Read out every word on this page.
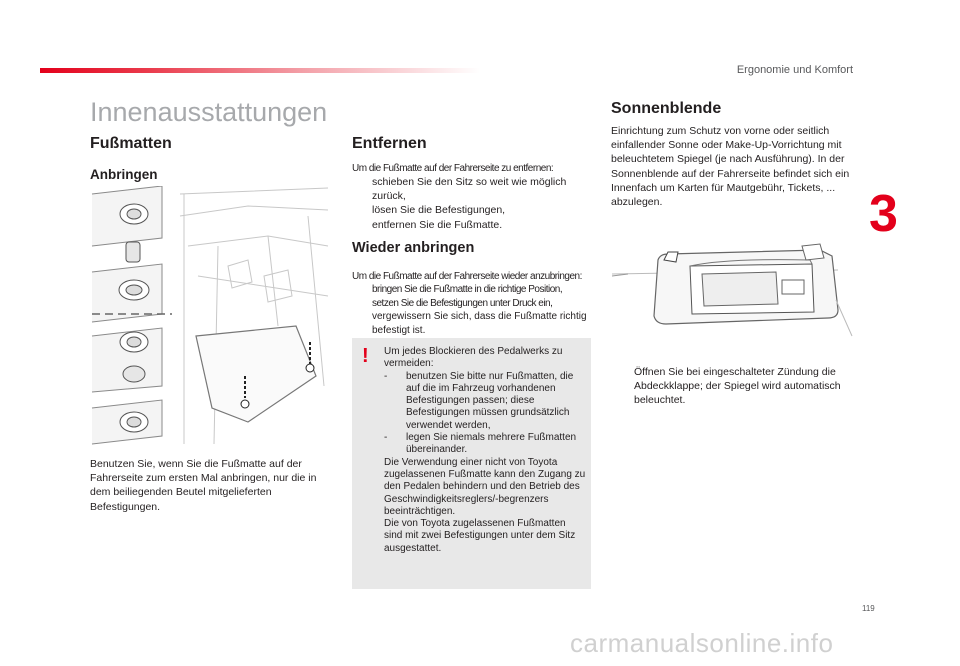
Ergonomie und Komfort
3
119
carmanualsonline.info
Innenausstattungen
Fußmatten
Anbringen
Benutzen Sie, wenn Sie die Fußmatte auf der Fahrerseite zum ersten Mal anbringen, nur die in dem beiliegenden Beutel mitgelieferten Befestigungen.
Entfernen
Um die Fußmatte auf der Fahrerseite zu entfernen:
schieben Sie den Sitz so weit wie möglich zurück,
lösen Sie die Befestigungen,
entfernen Sie die Fußmatte.
Wieder anbringen
Um die Fußmatte auf der Fahrerseite wieder anzubringen:
bringen Sie die Fußmatte in die richtige Position,
setzen Sie die Befestigungen unter Druck ein,
vergewissern Sie sich, dass die Fußmatte richtig befestigt ist.
! Um jedes Blockieren des Pedalwerks zu vermeiden:
- benutzen Sie bitte nur Fußmatten, die auf die im Fahrzeug vorhandenen Befestigungen passen; diese Befestigungen müssen grundsätzlich verwendet werden,
- legen Sie niemals mehrere Fußmatten übereinander.
Die Verwendung einer nicht von Toyota zugelassenen Fußmatte kann den Zugang zu den Pedalen behindern und den Betrieb des Geschwindigkeitsreglers/-begrenzers beeinträchtigen.
Die von Toyota zugelassenen Fußmatten sind mit zwei Befestigungen unter dem Sitz ausgestattet.
Sonnenblende
Einrichtung zum Schutz von vorne oder seitlich einfallender Sonne oder Make-Up-Vorrichtung mit beleuchtetem Spiegel (je nach Ausführung). In der Sonnenblende auf der Fahrerseite befindet sich ein Innenfach um Karten für Mautgebühr, Tickets, ... abzulegen.
Öffnen Sie bei eingeschalteter Zündung die Abdeckklappe; der Spiegel wird automatisch beleuchtet.
